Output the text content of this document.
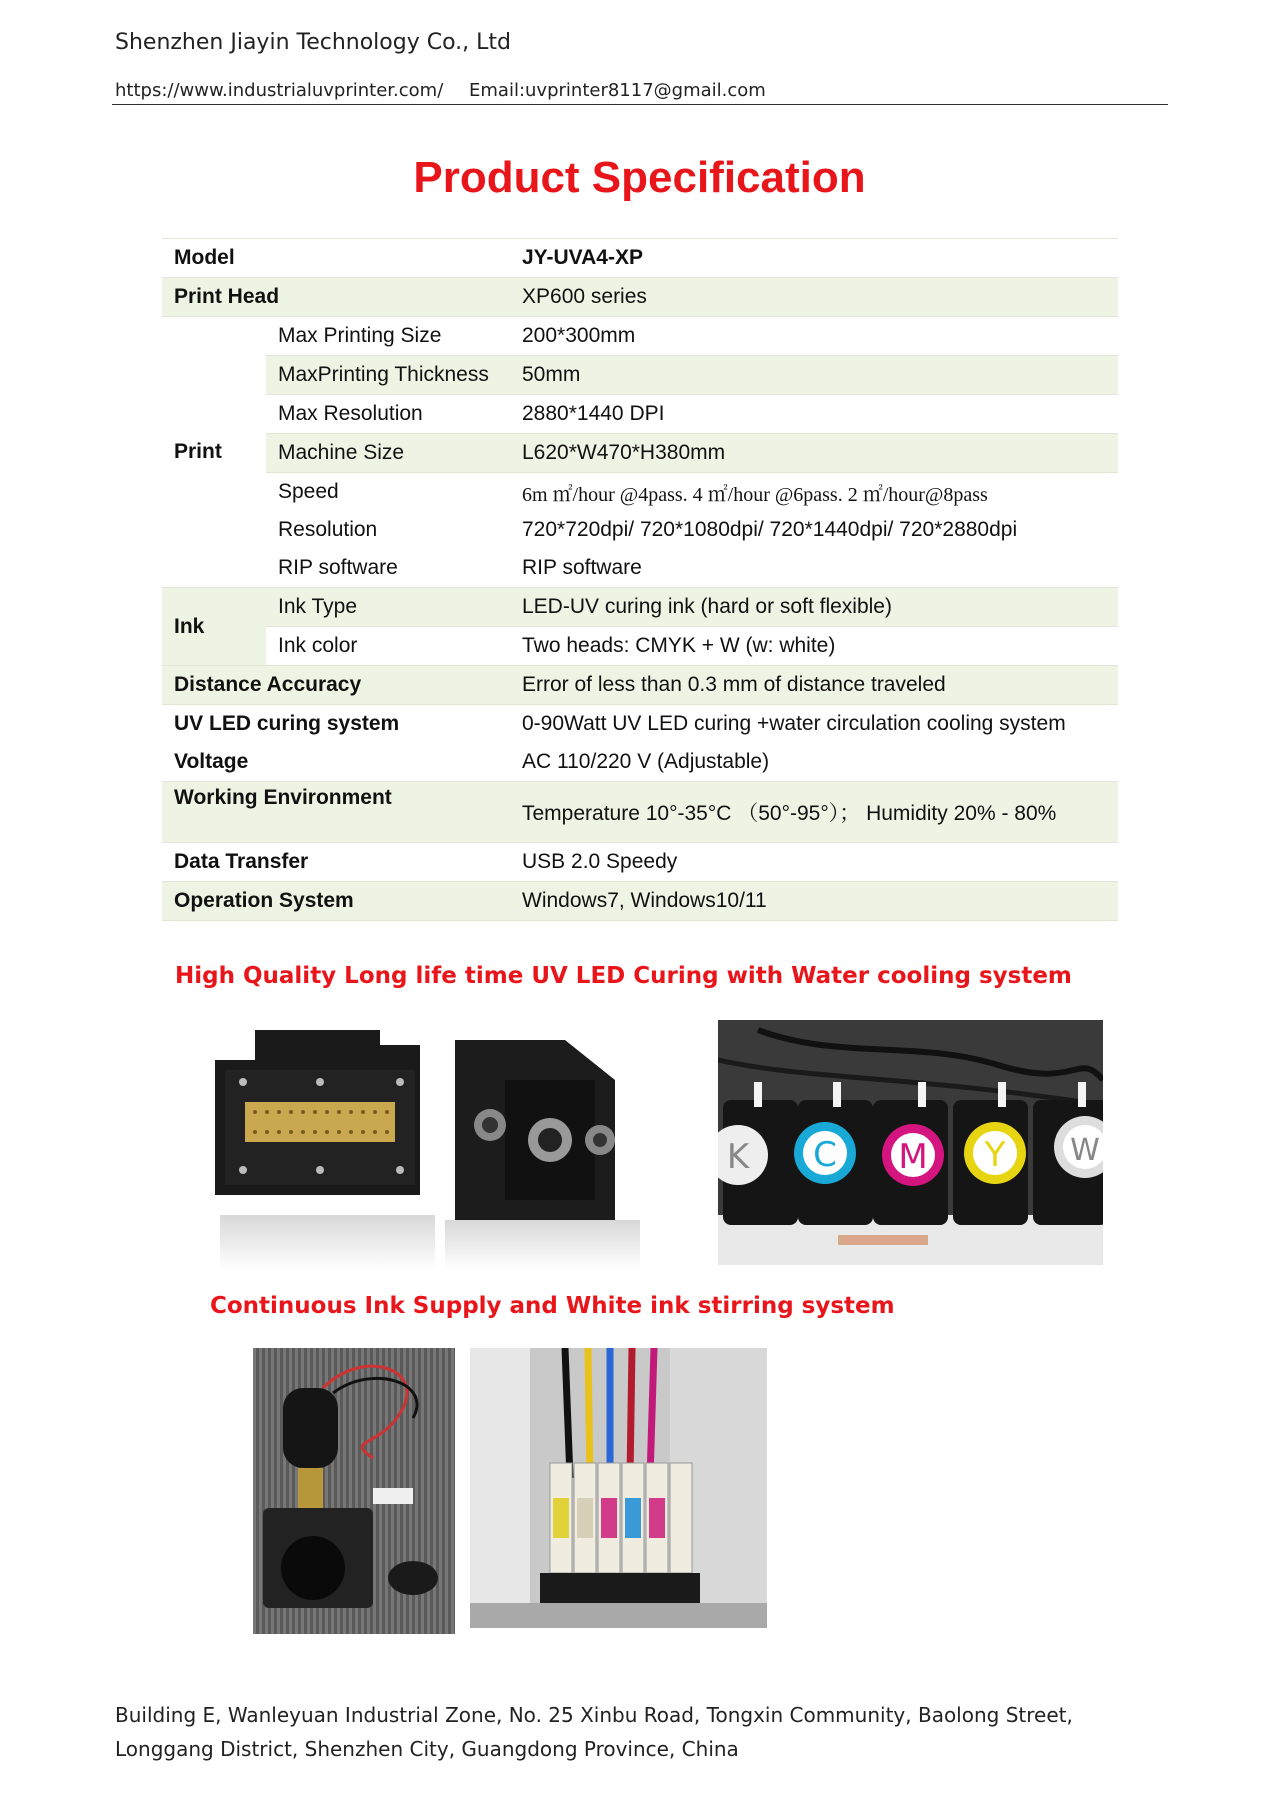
Shenzhen Jiayin Technology Co., Ltd
https://www.industrialuvprinter.com/ Email:uvprinter8117@gmail.com
Product Specification
Model		JY-UVA4-XP
Print Head		XP600 series
Print	Max Printing Size	200*300mm
	MaxPrinting Thickness	50mm
	Max Resolution	2880*1440 DPI
	Machine Size	L620*W470*H380mm
	Speed	6m ㎡/hour @4pass. 4 ㎡/hour @6pass. 2 ㎡/hour@8pass
	Resolution	720*720dpi/ 720*1080dpi/ 720*1440dpi/ 720*2880dpi
	RIP software	RIP software
Ink	Ink Type	LED-UV curing ink (hard or soft flexible)
	Ink color	Two heads: CMYK + W (w: white)
Distance Accuracy		Error of less than 0.3 mm of distance traveled
UV LED curing system		0-90Watt UV LED curing +water circulation cooling system
Voltage		AC 110/220 V (Adjustable)
Working Environment		Temperature 10°-35°C （50°-95°）； Humidity 20% - 80%
Data Transfer		USB 2.0 Speedy
Operation System		Windows7, Windows10/11
High Quality Long life time UV LED Curing with Water cooling system
K C M Y W
Continuous Ink Supply and White ink stirring system
Building E, Wanleyuan Industrial Zone, No. 25 Xinbu Road, Tongxin Community, Baolong Street, Longgang District, Shenzhen City, Guangdong Province, China
